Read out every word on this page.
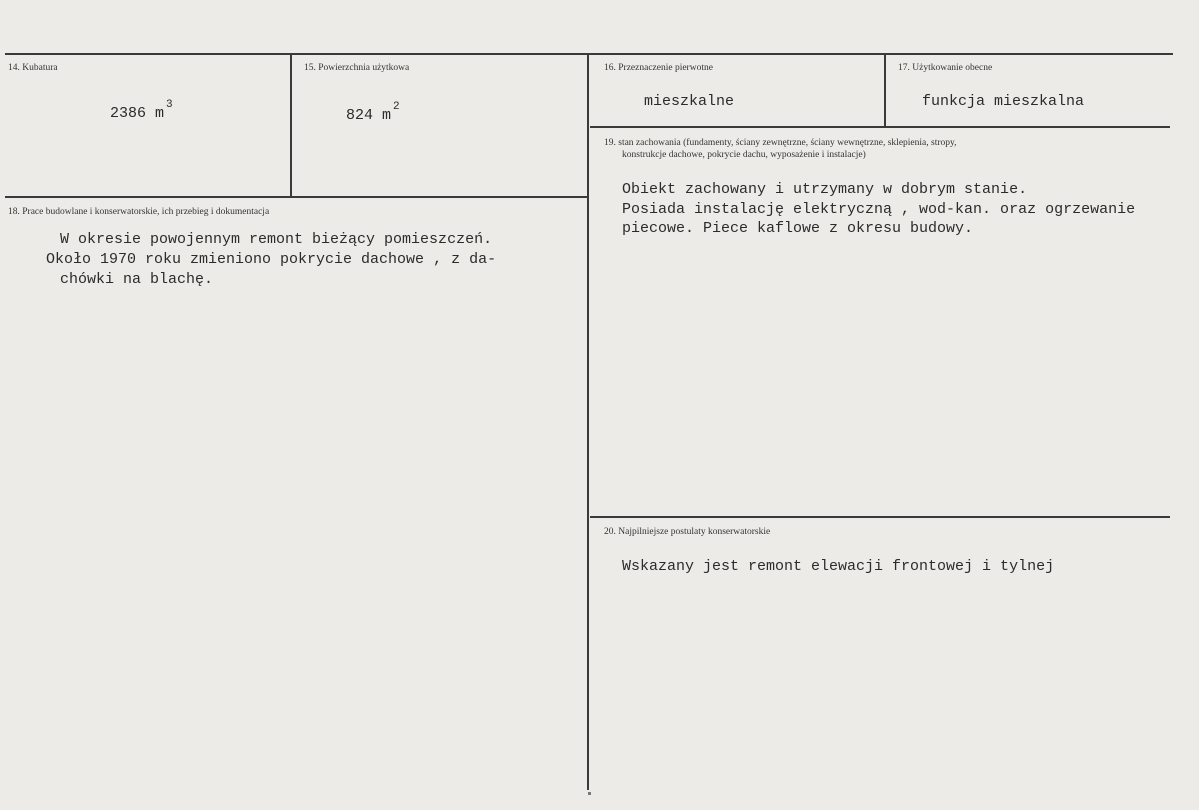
14. Kubatura
2386 m $^3$
15. Powierzchnia użytkowa
824 m $^2$
16. Przeznaczenie pierwotne
mieszkalne
17. Użytkowanie obecne
funkcja mieszkalna
18. Prace budowlane i konserwatorskie, ich przebieg i dokumentacja
W okresie powojennym remont bieżący pomieszczeń.
Około 1970 roku zmieniono pokrycie dachowe , z da-
chówki na blachę.
19. stan zachowania (fundamenty, ściany zewnętrzne, ściany wewnętrzne, sklepienia, stropy,
konstrukcje dachowe, pokrycie dachu, wyposażenie i instalacje)
Obiekt zachowany i utrzymany w dobrym stanie.
Posiada instalację elektryczną , wod-kan. oraz ogrzewanie
piecowe. Piece kaflowe z okresu budowy.
20. Najpilniejsze postulaty konserwatorskie
Wskazany jest remont elewacji frontowej i tylnej
